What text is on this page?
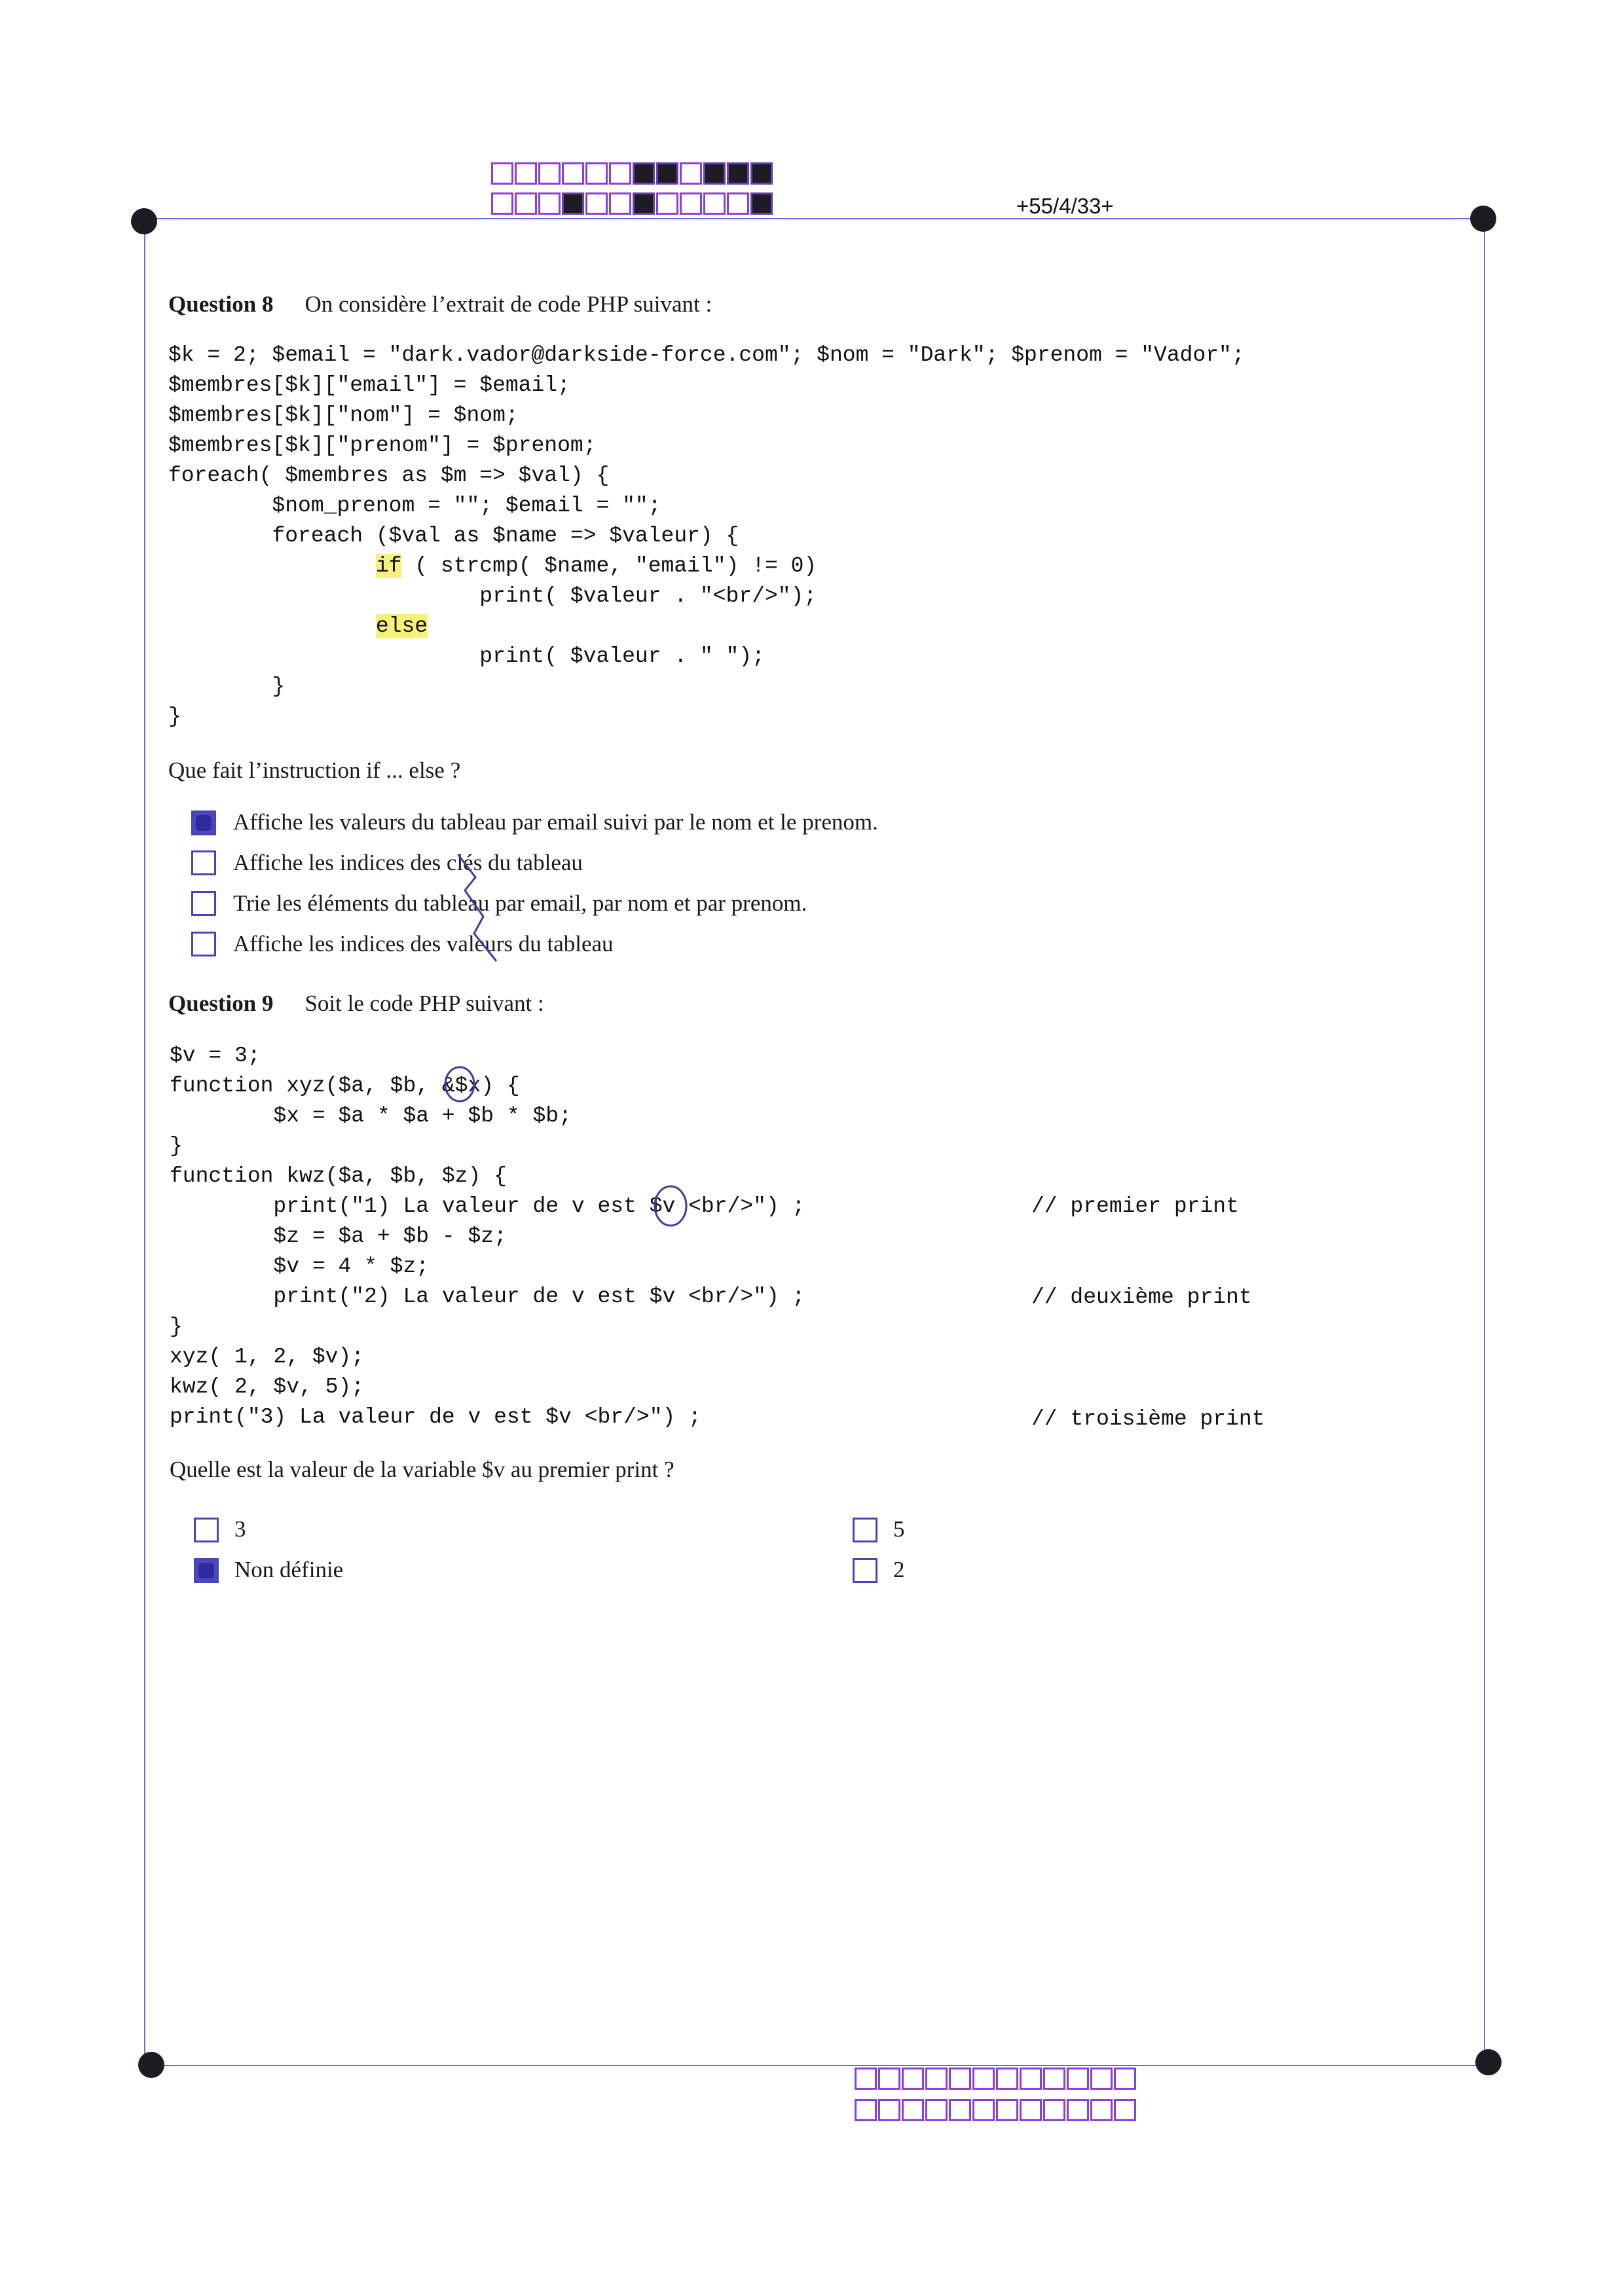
+55/4/33+
Question 8 On considère l’extrait de code PHP suivant :
$k = 2; $email = "dark.vador@darkside-force.com"; $nom = "Dark"; $prenom = "Vador";
$membres[$k]["email"] = $email;
$membres[$k]["nom"] = $nom;
$membres[$k]["prenom"] = $prenom;
foreach( $membres as $m => $val) {
$nom_prenom = ""; $email = "";
foreach ($val as $name => $valeur) {
if ( strcmp( $name, "email") != 0)
print( $valeur . "<br/>");
else
print( $valeur . " ");
}
}
Que fait l’instruction if ... else ?
Affiche les valeurs du tableau par email suivi par le nom et le prenom.
Affiche les indices des clés du tableau
Trie les éléments du tableau par email, par nom et par prenom.
Affiche les indices des valeurs du tableau
Question 9 Soit le code PHP suivant :
$v = 3;
function xyz($a, $b, &$x) {
$x = $a * $a + $b * $b;
}
function kwz($a, $b, $z) {
print("1) La valeur de v est $v <br/>") ;
$z = $a + $b - $z;
$v = 4 * $z;
print("2) La valeur de v est $v <br/>") ;
}
xyz( 1, 2, $v);
kwz( 2, $v, 5);
print("3) La valeur de v est $v <br/>") ;
// premier print
// deuxième print
// troisième print
Quelle est la valeur de la variable $v au premier print ?
3
Non définie
5
2
